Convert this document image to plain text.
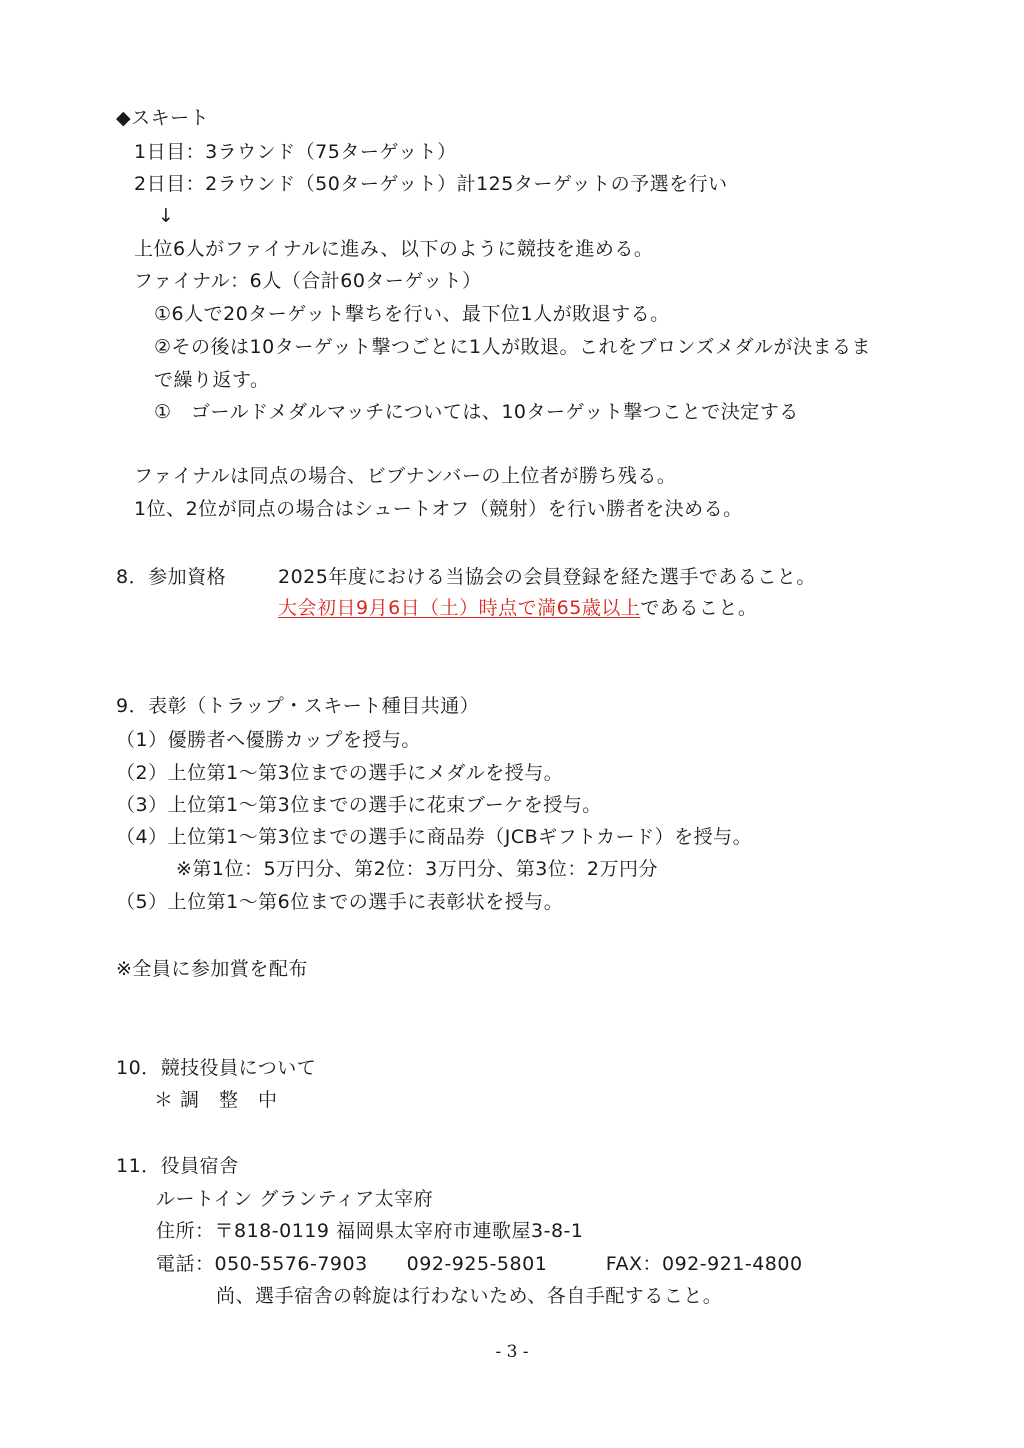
◆スキート
1日目：3ラウンド（75ターゲット）
2日目：2ラウンド（50ターゲット）計125ターゲットの予選を行い
↓
上位6人がファイナルに進み、以下のように競技を進める。
ファイナル：6人（合計60ターゲット）
①6人で20ターゲット撃ちを行い、最下位1人が敗退する。
②その後は10ターゲット撃つごとに1人が敗退。これをブロンズメダルが決まるま
で繰り返す。
①　ゴールドメダルマッチについては、10ターゲット撃つことで決定する
ファイナルは同点の場合、ビブナンバーの上位者が勝ち残る。
1位、2位が同点の場合はシュートオフ（競射）を行い勝者を決める。
8．参加資格	2025年度における当協会の会員登録を経た選手であること。
大会初日9月6日（土）時点で満65歳以上であること。
9．表彰（トラップ・スキート種目共通）
（1）優勝者へ優勝カップを授与。
（2）上位第1～第3位までの選手にメダルを授与。
（3）上位第1～第3位までの選手に花束ブーケを授与。
（4）上位第1～第3位までの選手に商品券（JCBギフトカード）を授与。
※第1位：5万円分、第2位：3万円分、第3位：2万円分
（5）上位第1～第6位までの選手に表彰状を授与。
※全員に参加賞を配布
10．競技役員について
＊ 調　整　中
11．役員宿舎
ルートイン グランティア太宰府
住所：〒818-0119 福岡県太宰府市連歌屋3-8-1
電話：050-5576-7903　　092-925-5801　　　FAX：092-921-4800
尚、選手宿舎の斡旋は行わないため、各自手配すること。
- 3 -
